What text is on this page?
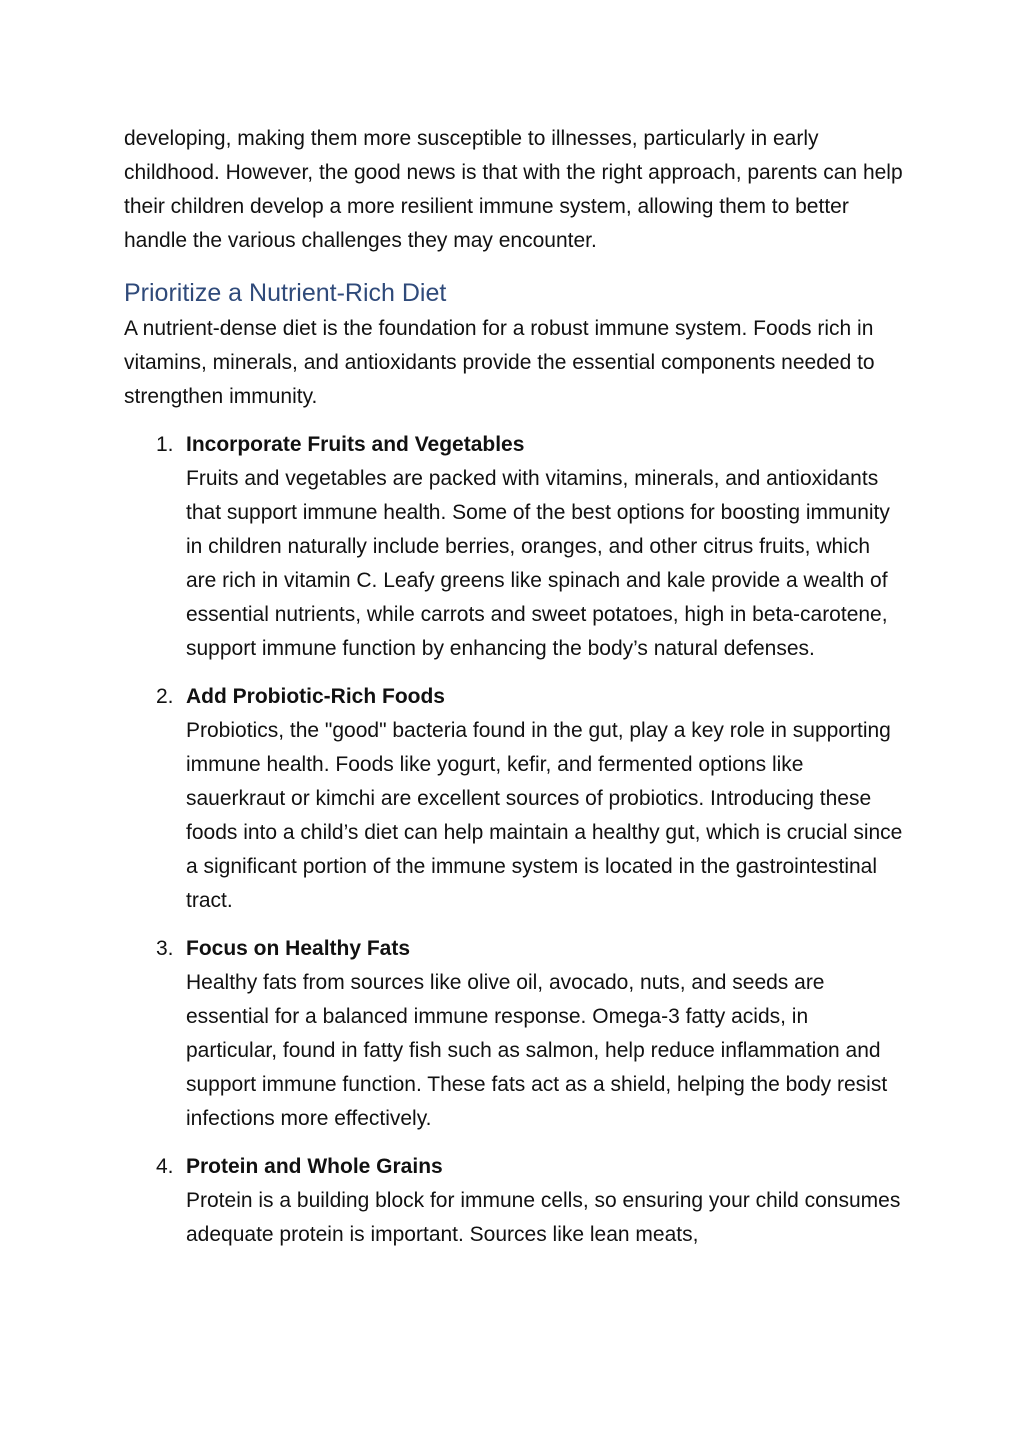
developing, making them more susceptible to illnesses, particularly in early childhood. However, the good news is that with the right approach, parents can help their children develop a more resilient immune system, allowing them to better handle the various challenges they may encounter.

Prioritize a Nutrient-Rich Diet

A nutrient-dense diet is the foundation for a robust immune system. Foods rich in vitamins, minerals, and antioxidants provide the essential components needed to strengthen immunity.

1. Incorporate Fruits and Vegetables
Fruits and vegetables are packed with vitamins, minerals, and antioxidants that support immune health. Some of the best options for boosting immunity in children naturally include berries, oranges, and other citrus fruits, which are rich in vitamin C. Leafy greens like spinach and kale provide a wealth of essential nutrients, while carrots and sweet potatoes, high in beta-carotene, support immune function by enhancing the body’s natural defenses.
2. Add Probiotic-Rich Foods
Probiotics, the "good" bacteria found in the gut, play a key role in supporting immune health. Foods like yogurt, kefir, and fermented options like sauerkraut or kimchi are excellent sources of probiotics. Introducing these foods into a child’s diet can help maintain a healthy gut, which is crucial since a significant portion of the immune system is located in the gastrointestinal tract.
3. Focus on Healthy Fats
Healthy fats from sources like olive oil, avocado, nuts, and seeds are essential for a balanced immune response. Omega-3 fatty acids, in particular, found in fatty fish such as salmon, help reduce inflammation and support immune function. These fats act as a shield, helping the body resist infections more effectively.
4. Protein and Whole Grains
Protein is a building block for immune cells, so ensuring your child consumes adequate protein is important. Sources like lean meats,
